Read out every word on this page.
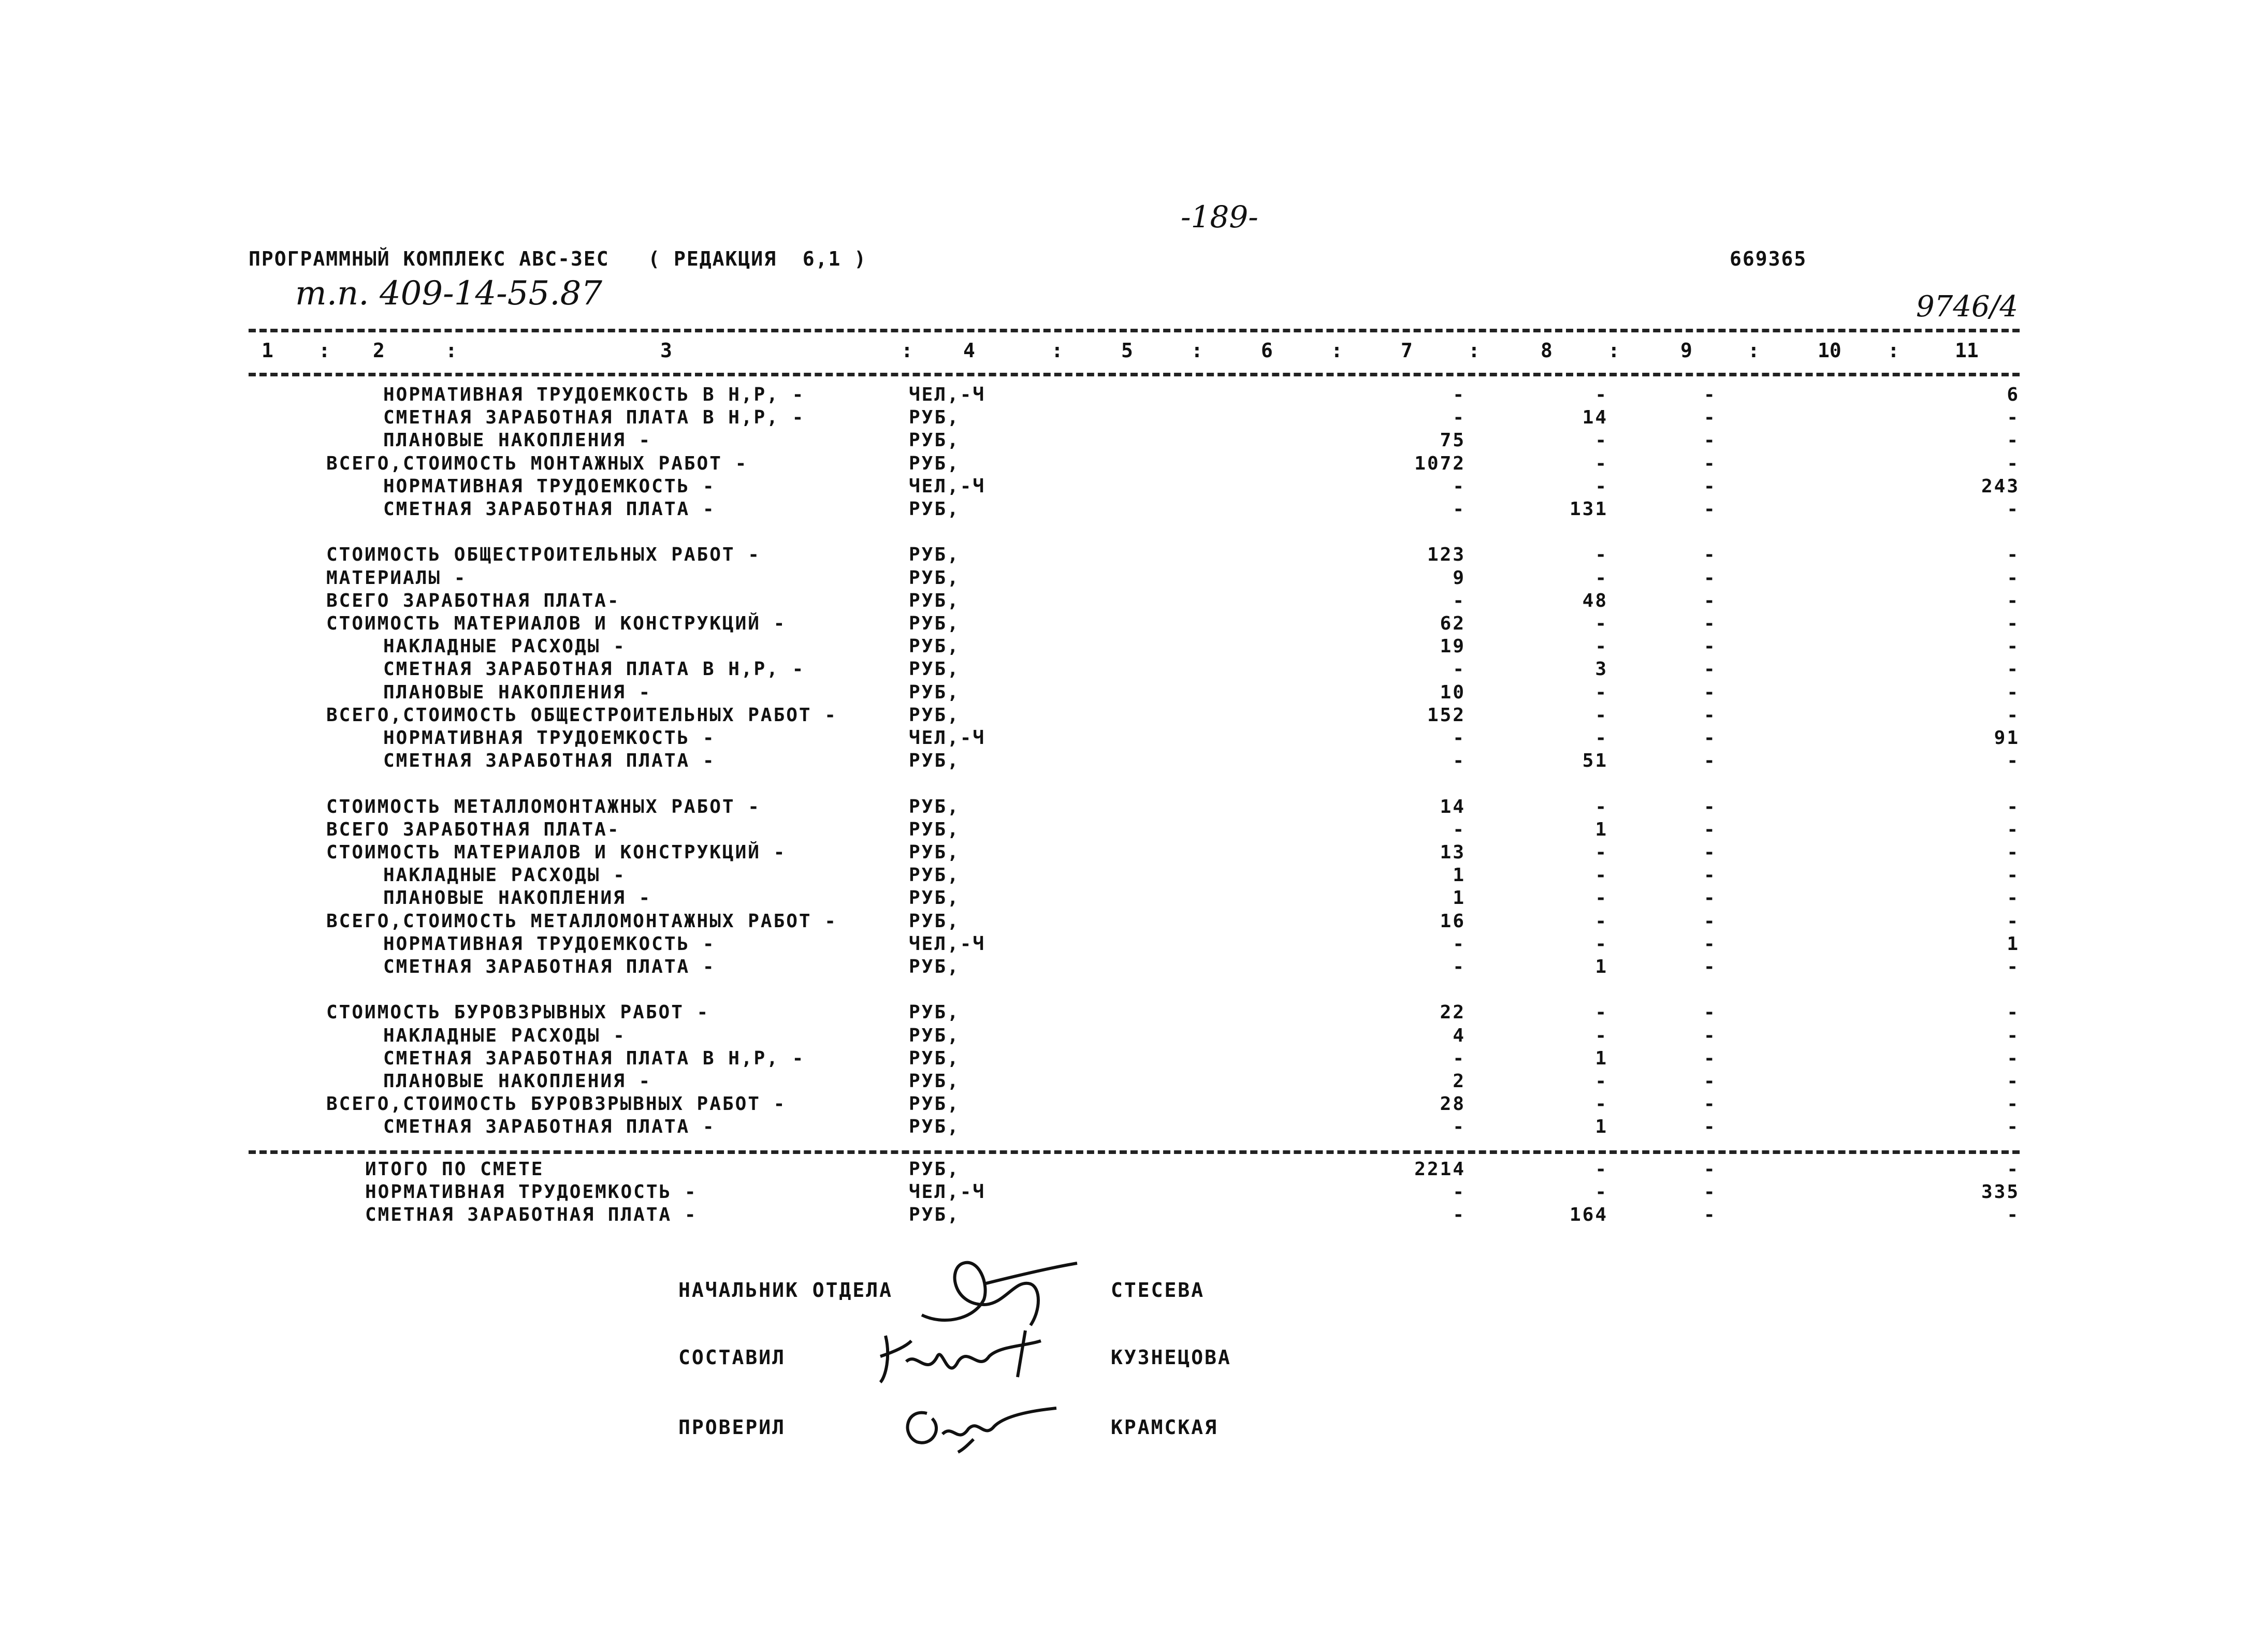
-189-
ПРОГРАММНЫЙ КОМПЛЕКС АВС-ЗЕС   ( РЕДАКЦИЯ  6,1 )	669365
т.п. 409-14-55.87	9746/4
1	2	3	4	5	6	7	8	9	10	11
:	:	:	:	:	:	:	:	:	:
НОРМАТИВНАЯ ТРУДОЕМКОСТЬ В Н,Р, -	ЧЕЛ,-Ч	-	-	-	6
СМЕТНАЯ ЗАРАБОТНАЯ ПЛАТА В Н,Р, -	РУБ,	-	14	-	-
ПЛАНОВЫЕ НАКОПЛЕНИЯ -	РУБ,	75	-	-	-
ВСЕГО,СТОИМОСТЬ МОНТАЖНЫХ РАБОТ -	РУБ,	1072	-	-	-
НОРМАТИВНАЯ ТРУДОЕМКОСТЬ -	ЧЕЛ,-Ч	-	-	-	243
СМЕТНАЯ ЗАРАБОТНАЯ ПЛАТА -	РУБ,	-	131	-	-
СТОИМОСТЬ ОБЩЕСТРОИТЕЛЬНЫХ РАБОТ -	РУБ,	123	-	-	-
МАТЕРИАЛЫ -	РУБ,	9	-	-	-
ВСЕГО ЗАРАБОТНАЯ ПЛАТА-	РУБ,	-	48	-	-
СТОИМОСТЬ МАТЕРИАЛОВ И КОНСТРУКЦИЙ -	РУБ,	62	-	-	-
НАКЛАДНЫЕ РАСХОДЫ -	РУБ,	19	-	-	-
СМЕТНАЯ ЗАРАБОТНАЯ ПЛАТА В Н,Р, -	РУБ,	-	3	-	-
ПЛАНОВЫЕ НАКОПЛЕНИЯ -	РУБ,	10	-	-	-
ВСЕГО,СТОИМОСТЬ ОБЩЕСТРОИТЕЛЬНЫХ РАБОТ -	РУБ,	152	-	-	-
НОРМАТИВНАЯ ТРУДОЕМКОСТЬ -	ЧЕЛ,-Ч	-	-	-	91
СМЕТНАЯ ЗАРАБОТНАЯ ПЛАТА -	РУБ,	-	51	-	-
СТОИМОСТЬ МЕТАЛЛОМОНТАЖНЫХ РАБОТ -	РУБ,	14	-	-	-
ВСЕГО ЗАРАБОТНАЯ ПЛАТА-	РУБ,	-	1	-	-
СТОИМОСТЬ МАТЕРИАЛОВ И КОНСТРУКЦИЙ -	РУБ,	13	-	-	-
НАКЛАДНЫЕ РАСХОДЫ -	РУБ,	1	-	-	-
ПЛАНОВЫЕ НАКОПЛЕНИЯ -	РУБ,	1	-	-	-
ВСЕГО,СТОИМОСТЬ МЕТАЛЛОМОНТАЖНЫХ РАБОТ -	РУБ,	16	-	-	-
НОРМАТИВНАЯ ТРУДОЕМКОСТЬ -	ЧЕЛ,-Ч	-	-	-	1
СМЕТНАЯ ЗАРАБОТНАЯ ПЛАТА -	РУБ,	-	1	-	-
СТОИМОСТЬ БУРОВЗРЫВНЫХ РАБОТ -	РУБ,	22	-	-	-
НАКЛАДНЫЕ РАСХОДЫ -	РУБ,	4	-	-	-
СМЕТНАЯ ЗАРАБОТНАЯ ПЛАТА В Н,Р, -	РУБ,	-	1	-	-
ПЛАНОВЫЕ НАКОПЛЕНИЯ -	РУБ,	2	-	-	-
ВСЕГО,СТОИМОСТЬ БУРОВЗРЫВНЫХ РАБОТ -	РУБ,	28	-	-	-
СМЕТНАЯ ЗАРАБОТНАЯ ПЛАТА -	РУБ,	-	1	-	-
ИТОГО ПО СМЕТЕ	РУБ,	2214	-	-	-
НОРМАТИВНАЯ ТРУДОЕМКОСТЬ -	ЧЕЛ,-Ч	-	-	-	335
СМЕТНАЯ ЗАРАБОТНАЯ ПЛАТА -	РУБ,	-	164	-	-
НАЧАЛЬНИК ОТДЕЛА	СТЕСЕВА
СОСТАВИЛ	КУЗНЕЦОВА
ПРОВЕРИЛ	КРАМСКАЯ
